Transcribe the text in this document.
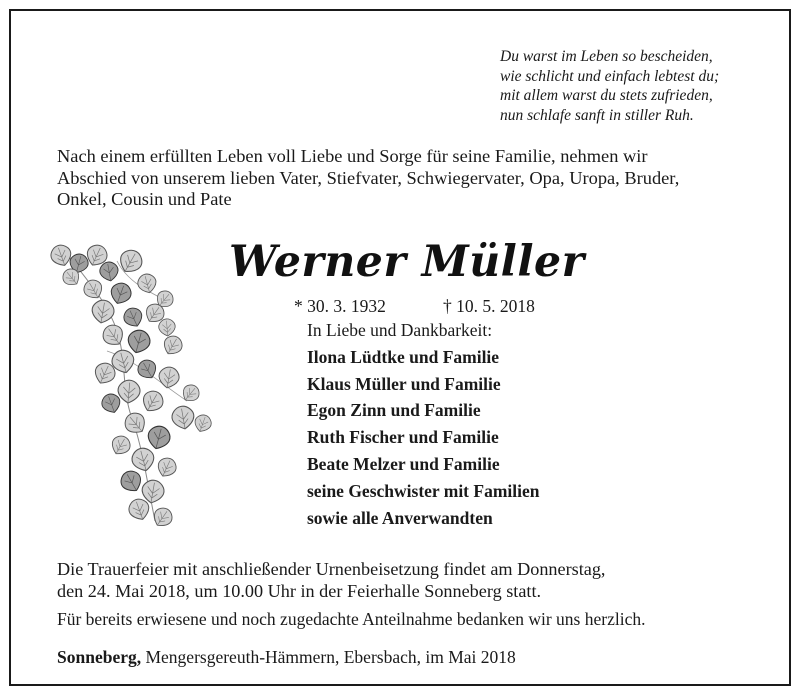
Du warst im Leben so bescheiden,
wie schlicht und einfach lebtest du;
mit allem warst du stets zufrieden,
nun schlafe sanft in stiller Ruh.
Nach einem erfüllten Leben voll Liebe und Sorge für seine Familie, nehmen wir
Abschied von unserem lieben Vater, Stiefvater, Schwiegervater, Opa, Uropa, Bruder,
Onkel, Cousin und Pate
Werner Müller
* 30. 3. 1932	† 10. 5. 2018
In Liebe und Dankbarkeit:
Ilona Lüdtke und Familie
Klaus Müller und Familie
Egon Zinn und Familie
Ruth Fischer und Familie
Beate Melzer und Familie
seine Geschwister mit Familien
sowie alle Anverwandten
Die Trauerfeier mit anschließender Urnenbeisetzung findet am Donnerstag,
den 24. Mai 2018, um 10.00 Uhr in der Feierhalle Sonneberg statt.
Für bereits erwiesene und noch zugedachte Anteilnahme bedanken wir uns herzlich.
Sonneberg, Mengersgereuth-Hämmern, Ebersbach, im Mai 2018
